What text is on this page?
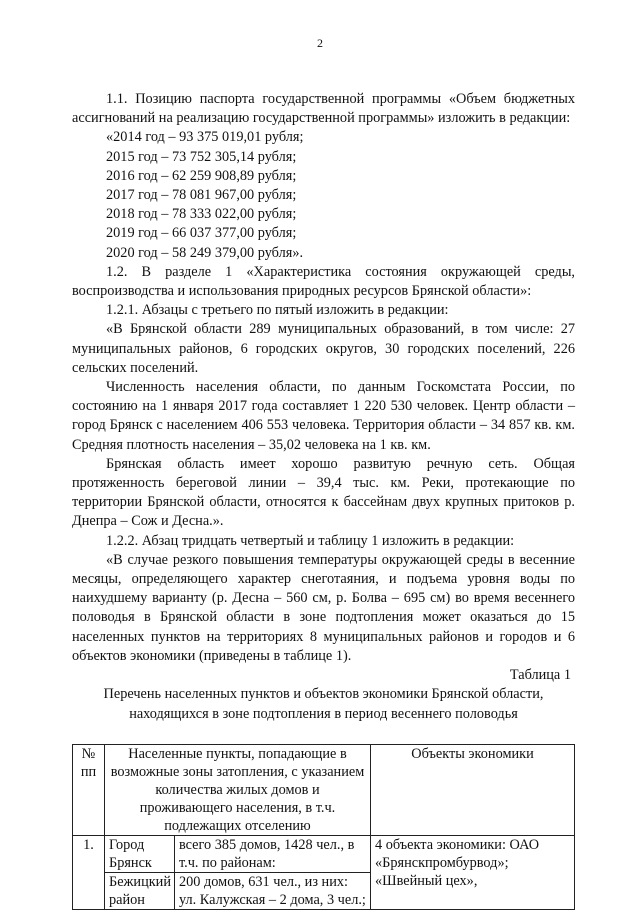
2

1.1. Позицию паспорта государственной программы «Объем бюджетных ассигнований на реализацию государственной программы» изложить в редакции:

«2014 год – 93 375 019,01 рубля;

2015 год – 73 752 305,14 рубля;

2016 год – 62 259 908,89 рубля;

2017 год – 78 081 967,00 рубля;

2018 год – 78 333 022,00 рубля;

2019 год – 66 037 377,00 рубля;

2020 год – 58 249 379,00 рубля».

1.2. В разделе 1 «Характеристика состояния окружающей среды, воспроизводства и использования природных ресурсов Брянской области»:

1.2.1. Абзацы с третьего по пятый изложить в редакции:

«В Брянской области 289 муниципальных образований, в том числе: 27 муниципальных районов, 6 городских округов, 30 городских поселений, 226 сельских поселений.

Численность населения области, по данным Госкомстата России, по состоянию на 1 января 2017 года составляет 1 220 530 человек. Центр области – город Брянск с населением 406 553 человека. Территория области – 34 857 кв. км. Средняя плотность населения – 35,02 человека на 1 кв. км.

Брянская область имеет хорошо развитую речную сеть. Общая протяженность береговой линии – 39,4 тыс. км. Реки, протекающие по территории Брянской области, относятся к бассейнам двух крупных притоков р. Днепра – Сож и Десна.».

1.2.2. Абзац тридцать четвертый и таблицу 1 изложить в редакции:

«В случае резкого повышения температуры окружающей среды в весенние месяцы, определяющего характер снеготаяния, и подъема уровня воды по наихудшему варианту (р. Десна – 560 см, р. Болва – 695 см) во время весеннего половодья в Брянской области в зоне подтопления может оказаться до 15 населенных пунктов на территориях 8 муниципальных районов и городов и 6 объектов экономики (приведены в таблице 1).

Таблица 1

Перечень населенных пунктов и объектов экономики Брянской области,

находящихся в зоне подтопления в период весеннего половодья

№ пп	Населенные пункты, попадающие в возможные зоны затопления, с указанием количества жилых домов и проживающего населения, в т.ч. подлежащих отселению		Объекты экономики
1.	Город Брянск	всего 385 домов, 1428 чел., в т.ч. по районам:	4 объекта экономики: ОАО «Брянскпромбурвод»; «Швейный цех»,
	Бежицкий район	200 домов, 631 чел., из них: ул. Калужская – 2 дома, 3 чел.;	
